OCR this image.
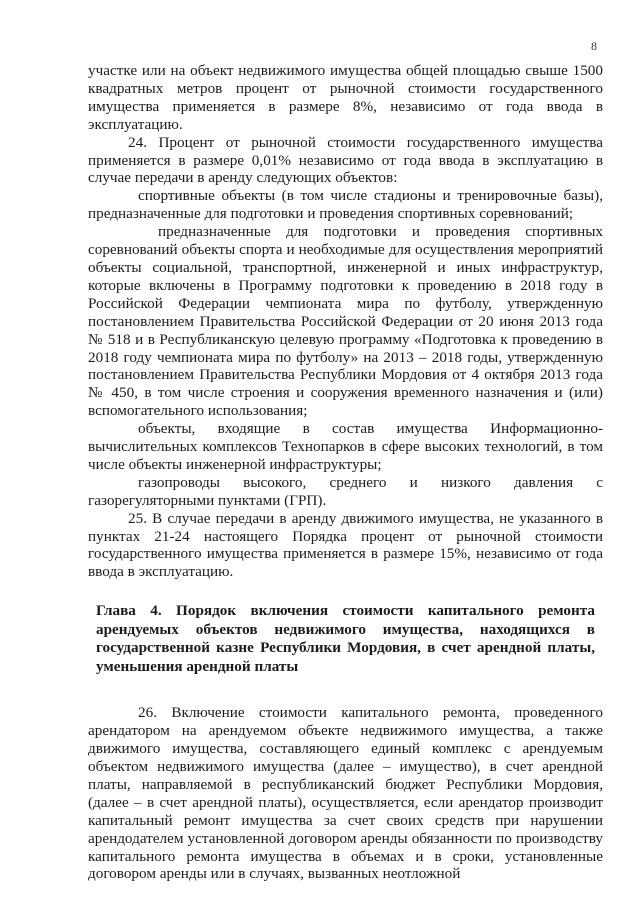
8

участке или на объект недвижимого имущества общей площадью свыше 1500 квадратных метров процент от рыночной стоимости государственного имущества применяется в размере 8%, независимо от года ввода в эксплуатацию.

24. Процент от рыночной стоимости государственного имущества применяется в размере 0,01% независимо от года ввода в эксплуатацию в случае передачи в аренду следующих объектов:

спортивные объекты (в том числе стадионы и тренировочные базы), предназначенные для подготовки и проведения спортивных соревнований;

предназначенные для подготовки и проведения спортивных соревнований объекты спорта и необходимые для осуществления мероприятий объекты социальной, транспортной, инженерной и иных инфраструктур, которые включены в Программу подготовки к проведению в 2018 году в Российской Федерации чемпионата мира по футболу, утвержденную постановлением Правительства Российской Федерации от 20 июня 2013 года № 518 и в Республиканскую целевую программу «Подготовка к проведению в 2018 году чемпионата мира по футболу» на 2013 – 2018 годы, утвержденную постановлением Правительства Республики Мордовия от 4 октября 2013 года № 450, в том числе строения и сооружения временного назначения и (или) вспомогательного использования;

объекты, входящие в состав имущества Информационно-вычислительных комплексов Технопарков в сфере высоких технологий, в том числе объекты инженерной инфраструктуры;

газопроводы высокого, среднего и низкого давления с газорегуляторными пунктами (ГРП).

25. В случае передачи в аренду движимого имущества, не указанного в пунктах 21-24 настоящего Порядка процент от рыночной стоимости государственного имущества применяется в размере 15%, независимо от года ввода в эксплуатацию.

Глава 4. Порядок включения стоимости капитального ремонта арендуемых объектов недвижимого имущества, находящихся в государственной казне Республики Мордовия, в счет арендной платы, уменьшения арендной платы

26. Включение стоимости капитального ремонта, проведенного арендатором на арендуемом объекте недвижимого имущества, а также движимого имущества, составляющего единый комплекс с арендуемым объектом недвижимого имущества (далее – имущество), в счет арендной платы, направляемой в республиканский бюджет Республики Мордовия, (далее – в счет арендной платы), осуществляется, если арендатор производит капитальный ремонт имущества за счет своих средств при нарушении арендодателем установленной договором аренды обязанности по производству капитального ремонта имущества в объемах и в сроки, установленные договором аренды или в случаях, вызванных неотложной
